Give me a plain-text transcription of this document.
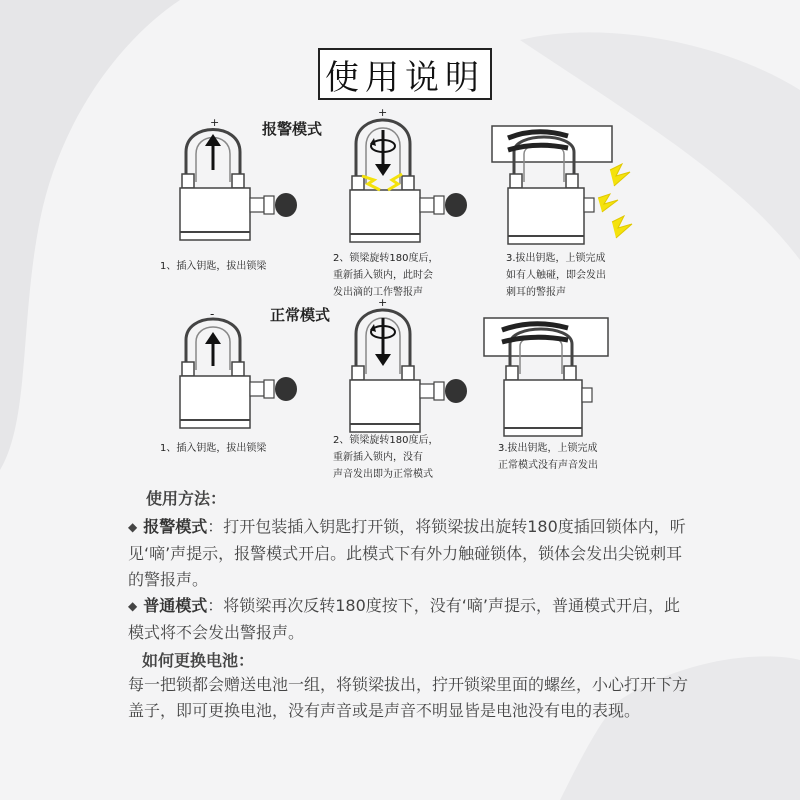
使用说明
报警模式
+
+
1、插入钥匙，拔出锁梁
2、锁梁旋转180度后，
重新插入锁内，此时会
发出滴的工作警报声
3.拔出钥匙，上锁完成
如有人触碰，即会发出
刺耳的警报声
正常模式
-
+
1、插入钥匙，拔出锁梁
2、锁梁旋转180度后，
重新插入锁内，没有
声音发出即为正常模式
3.拔出钥匙，上锁完成
正常模式没有声音发出
使用方法：
◆ 报警模式：打开包装插入钥匙打开锁，将锁梁拔出旋转180度插回锁体内，听见‘嘀’声提示，报警模式开启。此模式下有外力触碰锁体，锁体会发出尖锐刺耳的警报声。
◆ 普通模式：将锁梁再次反转180度按下，没有‘嘀’声提示，普通模式开启，此模式将不会发出警报声。
如何更换电池：
每一把锁都会赠送电池一组，将锁梁拔出，拧开锁梁里面的螺丝，小心打开下方盖子，即可更换电池，没有声音或是声音不明显皆是电池没有电的表现。
